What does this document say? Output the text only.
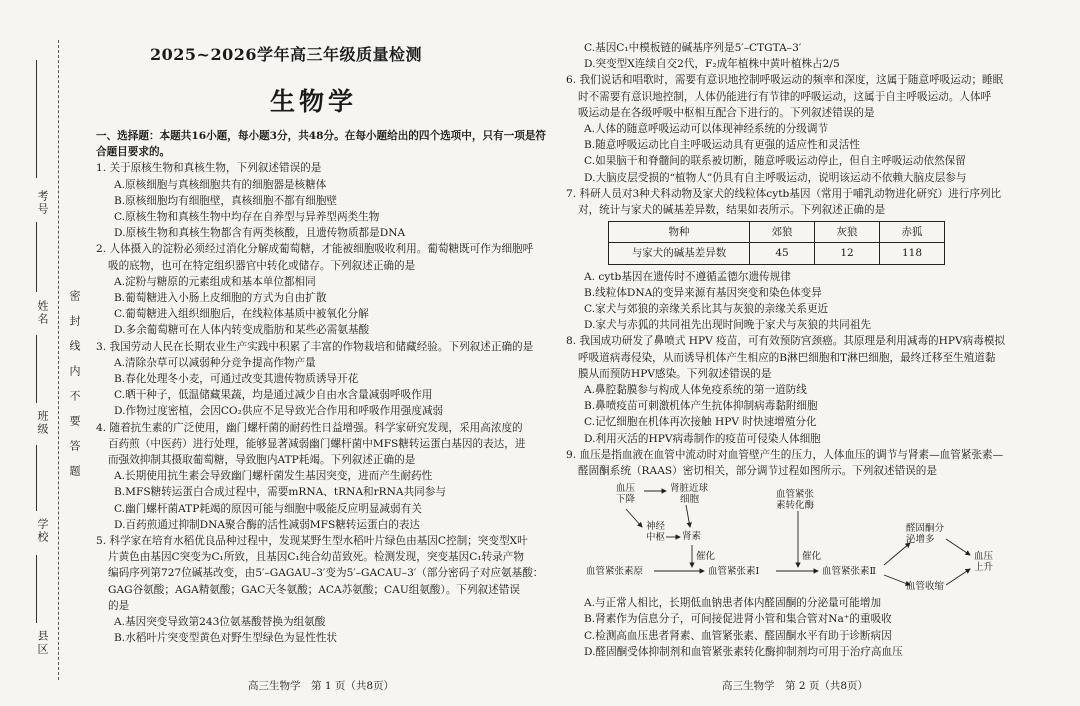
考号
姓名
班级
学校
县区
密封线内不要答题
2025~2026学年高三年级质量检测
生物学

一、选择题：本题共16小题，每小题3分，共48分。在每小题给出的四个选项中，只有一项是符合题目要求的。

1. 关于原核生物和真核生物，下列叙述错误的是

A.原核细胞与真核细胞共有的细胞器是核糖体

B.原核细胞均有细胞壁，真核细胞不都有细胞壁

C.原核生物和真核生物中均存在自养型与异养型两类生物

D.原核生物和真核生物都含有两类核酸，且遗传物质都是DNA

2. 人体摄入的淀粉必须经过消化分解成葡萄糖，才能被细胞吸收利用。葡萄糖既可作为细胞呼

吸的底物，也可在特定组织器官中转化或储存。下列叙述正确的是

A.淀粉与糖原的元素组成和基本单位都相同

B.葡萄糖进入小肠上皮细胞的方式为自由扩散

C.葡萄糖进入组织细胞后，在线粒体基质中被氧化分解

D.多余葡萄糖可在人体内转变成脂肪和某些必需氨基酸

3. 我国劳动人民在长期农业生产实践中积累了丰富的作物栽培和储藏经验。下列叙述正确的是

A.清除杂草可以减弱种分竞争提高作物产量

B.春化处理冬小麦，可通过改变其遗传物质诱导开花

C.晒干种子，低温储藏果蔬，均是通过减少自由水含量减弱呼吸作用

D.作物过度密植，会因CO₂供应不足导致光合作用和呼吸作用强度减弱

4. 随着抗生素的广泛使用，幽门螺杆菌的耐药性日益增强。科学家研究发现，采用高浓度的

百药煎（中医药）进行处理，能够显著减弱幽门螺杆菌中MFS糖转运蛋白基因的表达，进

而强效抑制其摄取葡萄糖，导致胞内ATP耗竭。下列叙述正确的是

A.长期使用抗生素会导致幽门螺杆菌发生基因突变，进而产生耐药性

B.MFS糖转运蛋白合成过程中，需要mRNA、tRNA和rRNA共同参与

C.幽门螺杆菌ATP耗竭的原因可能与细胞中吸能反应明显减弱有关

D.百药煎通过抑制DNA聚合酶的活性减弱MFS糖转运蛋白的表达

5. 科学家在培育水稻优良品种过程中，发现某野生型水稻叶片绿色由基因C控制；突变型X叶

片黄色由基因C突变为C₁所致，且基因C₁纯合幼苗致死。检测发现，突变基因C₁转录产物

编码序列第727位碱基改变，由5′–GAGAU–3′变为5′–GACAU–3′（部分密码子对应氨基酸：

GAG谷氨酸；AGA精氨酸；GAC天冬氨酸；ACA苏氨酸；CAU组氨酸）。下列叙述错误

的是

A.基因突变导致第243位氨基酸替换为组氨酸

B.水稻叶片突变型黄色对野生型绿色为显性性状

高三生物学　第 1 页（共8页）

C.基因C₁中模板链的碱基序列是5′–CTGTA–3′

D.突变型X连续自交2代，F₂成年植株中黄叶植株占2/5

6. 我们说话和唱歌时，需要有意识地控制呼吸运动的频率和深度，这属于随意呼吸运动；睡眠

时不需要有意识地控制，人体仍能进行有节律的呼吸运动，这属于自主呼吸运动。人体呼

吸运动是在各级呼吸中枢相互配合下进行的。下列叙述错误的是

A.人体的随意呼吸运动可以体现神经系统的分级调节

B.随意呼吸运动比自主呼吸运动具有更强的适应性和灵活性

C.如果脑干和脊髓间的联系被切断，随意呼吸运动停止，但自主呼吸运动依然保留

D.大脑皮层受损的“植物人”仍具有自主呼吸运动，说明该运动不依赖大脑皮层参与

7. 科研人员对3种犬科动物及家犬的线粒体cytb基因（常用于哺乳动物进化研究）进行序列比

对，统计与家犬的碱基差异数，结果如表所示。下列叙述正确的是

物种	郊狼	灰狼	赤狐
与家犬的碱基差异数	45	12	118

A. cytb基因在遗传时不遵循孟德尔遗传规律

B.线粒体DNA的变异来源有基因突变和染色体变异

C.家犬与郊狼的亲缘关系比其与灰狼的亲缘关系更近

D.家犬与赤狐的共同祖先出现时间晚于家犬与灰狼的共同祖先

8. 我国成功研发了鼻喷式 HPV 疫苗，可有效预防宫颈癌。其原理是利用减毒的HPV病毒模拟

呼吸道病毒侵染，从而诱导机体产生相应的B淋巴细胞和T淋巴细胞，最终迁移至生殖道黏

膜从而预防HPV感染。下列叙述错误的是

A.鼻腔黏膜参与构成人体免疫系统的第一道防线

B.鼻喷疫苗可刺激机体产生抗体抑制病毒黏附细胞

C.记忆细胞在机体再次接触 HPV 时快速增殖分化

D.利用灭活的HPV病毒制作的疫苗可侵染人体细胞

9. 血压是指血液在血管中流动时对血管壁产生的压力，人体血压的调节与肾素—血管紧张素—

醛固酮系统（RAAS）密切相关，部分调节过程如图所示。下列叙述错误的是

血压
下降
肾脏近球
细胞
神经
中枢 肾素
催化
血管紧张
素转化酶
催化
血管紧张素原	血管紧张素Ⅰ	血管紧张素Ⅱ
醛固酮分
泌增多
血管收缩
血压
上升

A.与正常人相比，长期低血钠患者体内醛固酮的分泌量可能增加

B.肾素作为信息分子，可间接促进肾小管和集合管对Na⁺的重吸收

C.检测高血压患者肾素、血管紧张素、醛固酮水平有助于诊断病因

D.醛固酮受体抑制剂和血管紧张素转化酶抑制剂均可用于治疗高血压

高三生物学　第 2 页（共8页）
